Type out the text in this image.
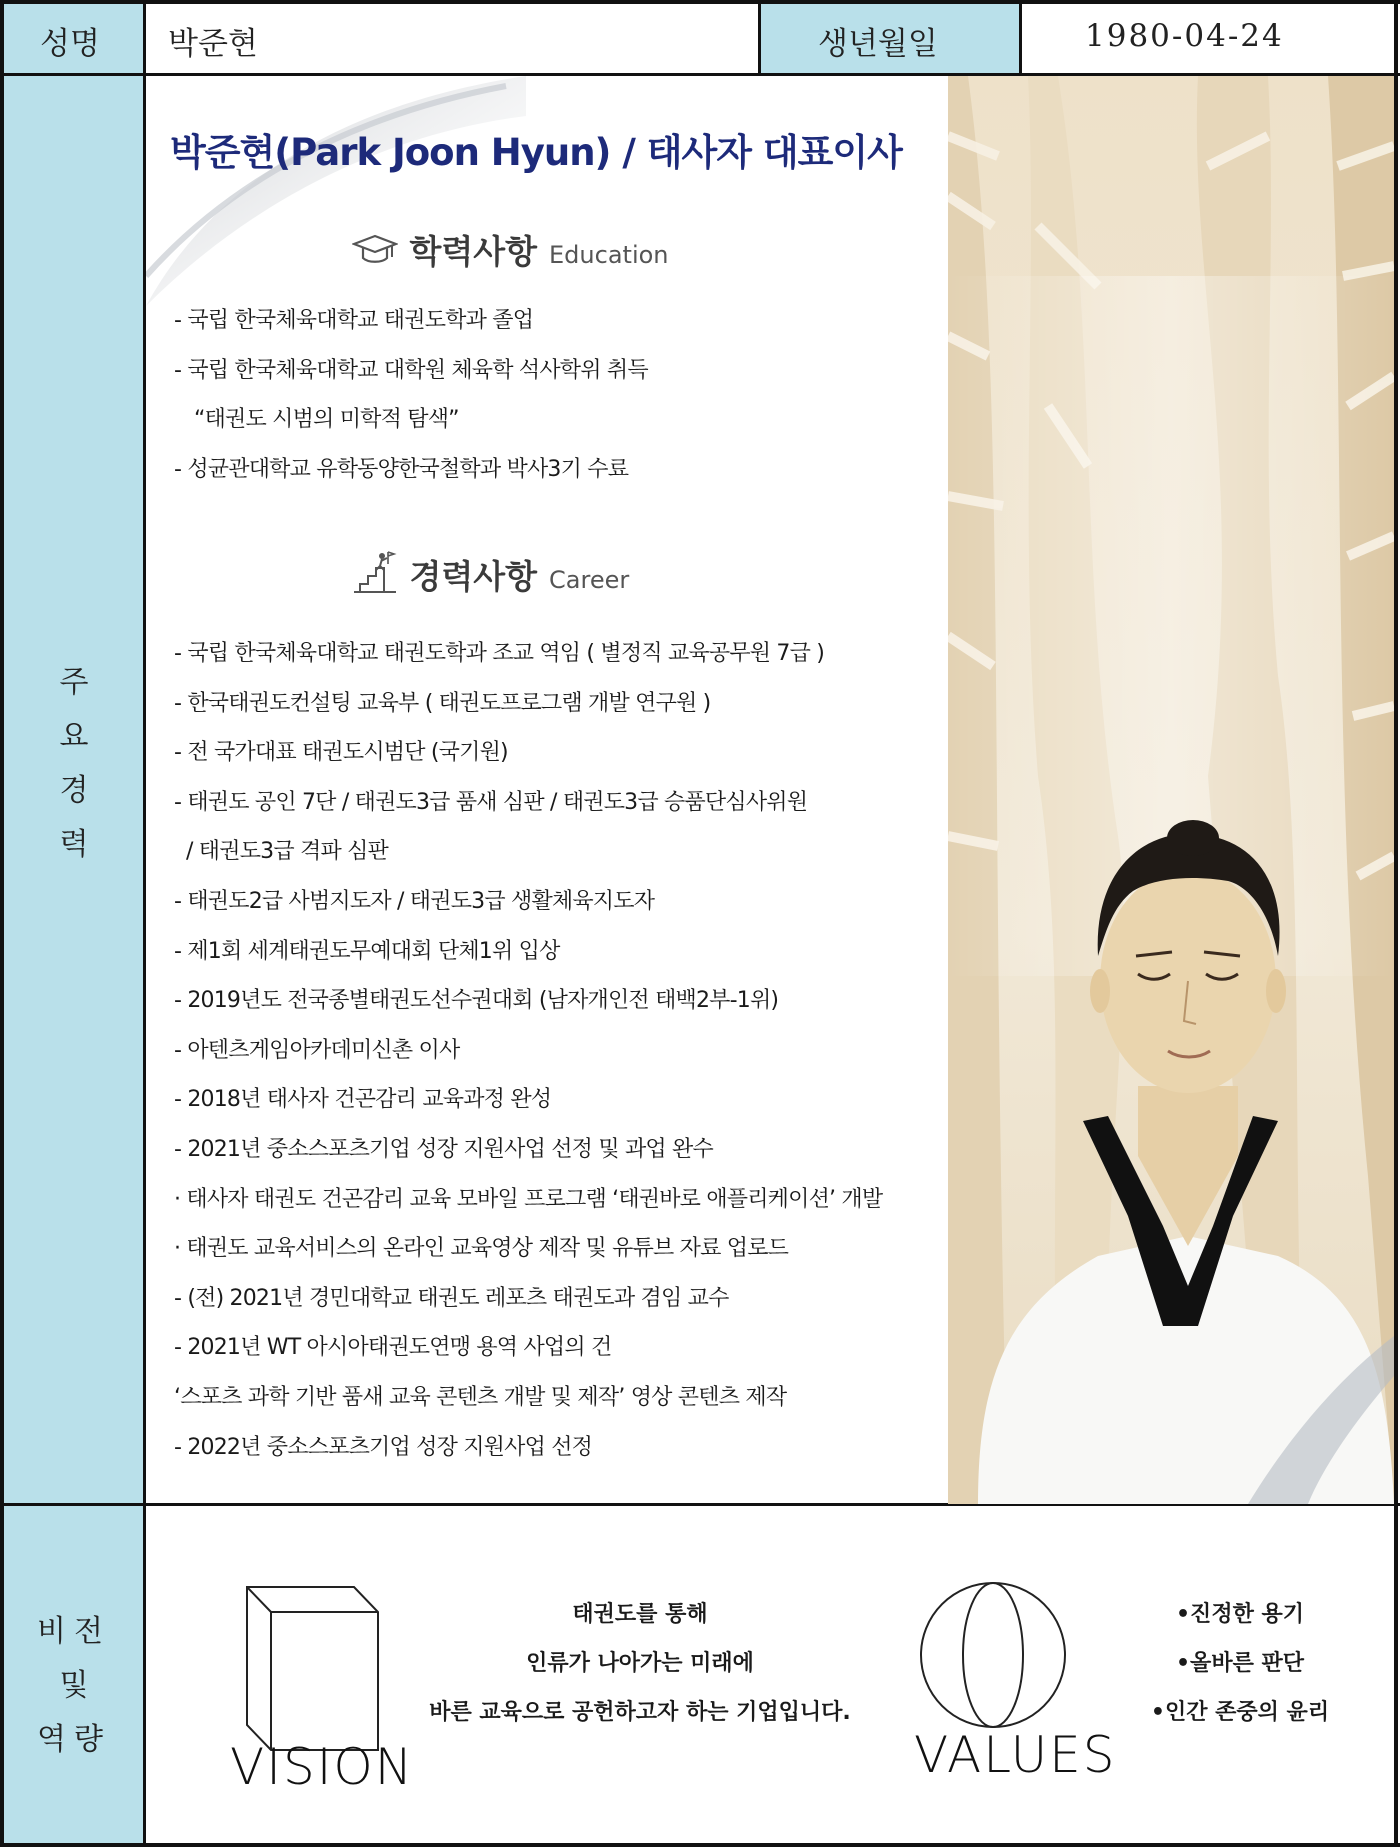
성명 박준현	생년월일	1980-04-24
주
요
경
력
비전
및
역량
박준현(Park Joon Hyun) / 태사자 대표이사
학력사항 Education
- 국립 한국체육대학교 태권도학과 졸업
- 국립 한국체육대학교 대학원 체육학 석사학위 취득
“태권도 시범의 미학적 탐색”
- 성균관대학교 유학동양한국철학과 박사3기 수료
경력사항 Career
- 국립 한국체육대학교 태권도학과 조교 역임 ( 별정직 교육공무원 7급 )
- 한국태권도컨설팅 교육부 ( 태권도프로그램 개발 연구원 )
- 전 국가대표 태권도시범단 (국기원)
- 태권도 공인 7단 / 태권도3급 품새 심판 / 태권도3급 승품단심사위원
/ 태권도3급 격파 심판
- 태권도2급 사범지도자 / 태권도3급 생활체육지도자
- 제1회 세계태권도무예대회 단체1위 입상
- 2019년도 전국종별태권도선수권대회 (남자개인전 태백2부-1위)
- 아텐츠게임아카데미신촌 이사
- 2018년 태사자 건곤감리 교육과정 완성
- 2021년 중소스포츠기업 성장 지원사업 선정 및 과업 완수
· 태사자 태권도 건곤감리 교육 모바일 프로그램 ‘태권바로 애플리케이션’ 개발
· 태권도 교육서비스의 온라인 교육영상 제작 및 유튜브 자료 업로드
- (전) 2021년 경민대학교 태권도 레포츠 태권도과 겸임 교수
- 2021년 WT 아시아태권도연맹 용역 사업의 건
‘스포츠 과학 기반 품새 교육 콘텐츠 개발 및 제작’ 영상 콘텐츠 제작
- 2022년 중소스포츠기업 성장 지원사업 선정
VISION
태권도를 통해
인류가 나아가는 미래에
바른 교육으로 공헌하고자 하는 기업입니다.
VALUES
•진정한 용기
•올바른 판단
•인간 존중의 윤리
